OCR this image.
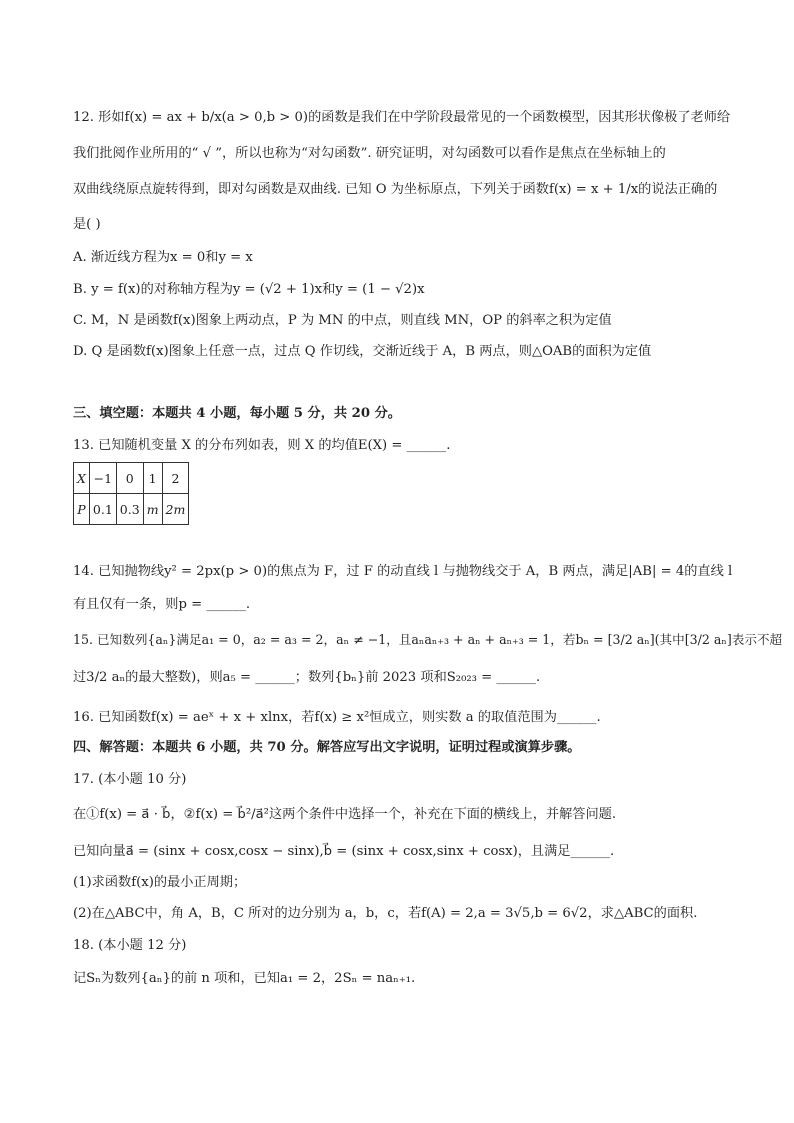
12. 形如f(x) = ax + b/x(a > 0,b > 0)的函数是我们在中学阶段最常见的一个函数模型，因其形状像极了老师给
我们批阅作业所用的“ √ ”，所以也称为“对勾函数”. 研究证明，对勾函数可以看作是焦点在坐标轴上的
双曲线绕原点旋转得到，即对勾函数是双曲线. 已知 O 为坐标原点，下列关于函数f(x) = x + 1/x的说法正确的
是( )
A. 渐近线方程为x = 0和y = x
B. y = f(x)的对称轴方程为y = (√2 + 1)x和y = (1 − √2)x
C. M，N 是函数f(x)图象上两动点，P 为 MN 的中点，则直线 MN，OP 的斜率之积为定值
D. Q 是函数f(x)图象上任意一点，过点 Q 作切线，交渐近线于 A，B 两点，则△OAB的面积为定值
三、填空题：本题共 4 小题，每小题 5 分，共 20 分。
13. 已知随机变量 X 的分布列如表，则 X 的均值E(X) = ______.
X	−1	0	1	2
P	0.1	0.3	m	2m
14. 已知抛物线y² = 2px(p > 0)的焦点为 F，过 F 的动直线 l 与抛物线交于 A，B 两点，满足|AB| = 4的直线 l
有且仅有一条，则p = ______.
15. 已知数列{aₙ}满足a₁ = 0，a₂ = a₃ = 2，aₙ ≠ −1，且aₙaₙ₊₃ + aₙ + aₙ₊₃ = 1，若bₙ = [3/2 aₙ](其中[3/2 aₙ]表示不超
过3/2 aₙ的最大整数)，则a₅ = ______；数列{bₙ}前 2023 项和S₂₀₂₃ = ______.
16. 已知函数f(x) = aeˣ + x + xlnx，若f(x) ≥ x²恒成立，则实数 a 的取值范围为______.
四、解答题：本题共 6 小题，共 70 分。解答应写出文字说明，证明过程或演算步骤。
17. (本小题 10 分)
在①f(x) = a⃗ · b⃗，②f(x) = b⃗²/a⃗²这两个条件中选择一个，补充在下面的横线上，并解答问题.
已知向量a⃗ = (sinx + cosx,cosx − sinx),b⃗ = (sinx + cosx,sinx + cosx)，且满足______.
(1)求函数f(x)的最小正周期；
(2)在△ABC中，角 A，B，C 所对的边分别为 a，b，c，若f(A) = 2,a = 3√5,b = 6√2，求△ABC的面积.
18. (本小题 12 分)
记Sₙ为数列{aₙ}的前 n 项和，已知a₁ = 2，2Sₙ = naₙ₊₁.
